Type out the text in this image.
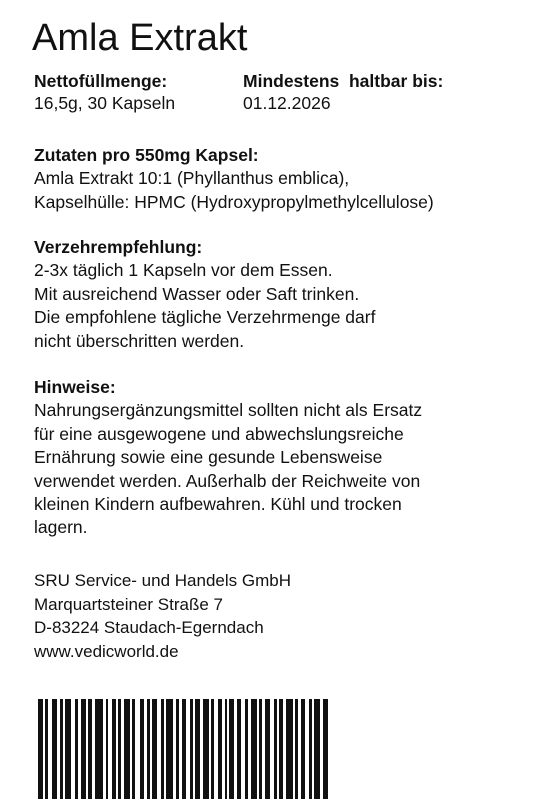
Amla Extrakt
Nettofüllmenge:
16,5g, 30 Kapseln
Mindestens  haltbar bis:
01.12.2026
Zutaten pro 550mg Kapsel:
Amla Extrakt 10:1 (Phyllanthus emblica),
Kapselhülle: HPMC (Hydroxypropylmethylcellulose)
Verzehrempfehlung:
2-3x täglich 1 Kapseln vor dem Essen.
Mit ausreichend Wasser oder Saft trinken.
Die empfohlene tägliche Verzehrmenge darf
nicht überschritten werden.
Hinweise:
Nahrungsergänzungsmittel sollten nicht als Ersatz
für eine ausgewogene und abwechslungsreiche
Ernährung sowie eine gesunde Lebensweise
verwendet werden. Außerhalb der Reichweite von
kleinen Kindern aufbewahren. Kühl und trocken
lagern.
SRU Service- und Handels GmbH
Marquartsteiner Straße 7
D-83224 Staudach-Egerndach
www.vedicworld.de
